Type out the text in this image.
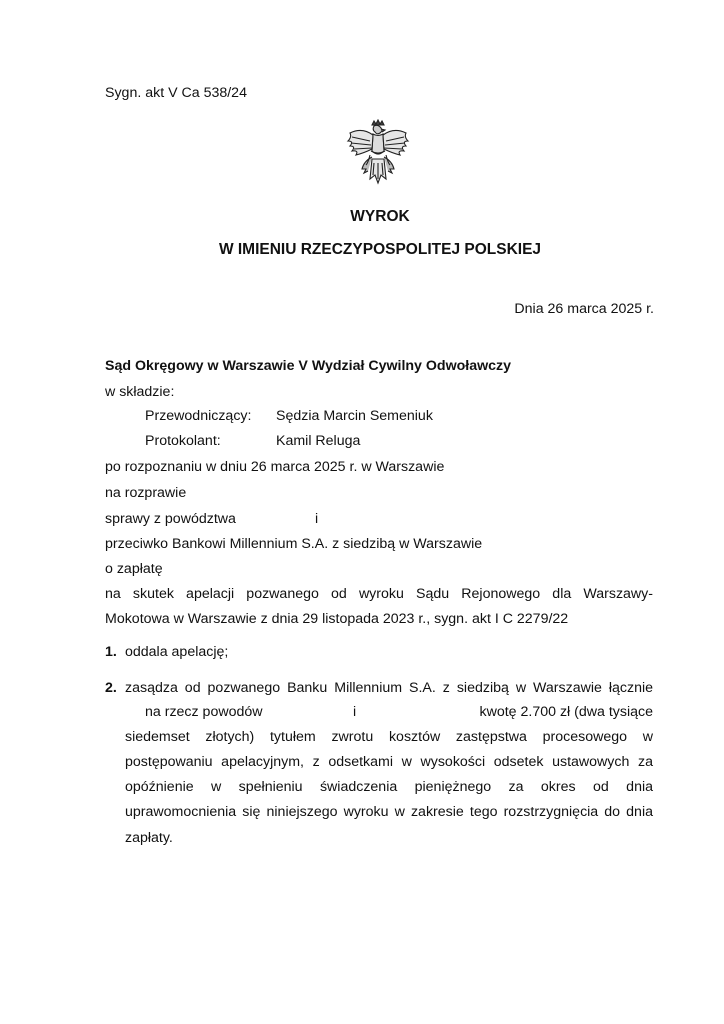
Sygn. akt V Ca 538/24
WYROK
W IMIENIU RZECZYPOSPOLITEJ POLSKIEJ
Dnia 26 marca 2025 r.
Sąd Okręgowy w Warszawie V Wydział Cywilny Odwoławczy
w składzie:
Przewodniczący: Sędzia Marcin Semeniuk
Protokolant:	Kamil Reluga
po rozpoznaniu w dniu 26 marca 2025 r. w Warszawie
na rozprawie
sprawy z powództwa	i
przeciwko Bankowi Millennium S.A. z siedzibą w Warszawie
o zapłatę
na skutek apelacji pozwanego od wyroku Sądu Rejonowego dla Warszawy-
Mokotowa w Warszawie z dnia 29 listopada 2023 r., sygn. akt I C 2279/22
1. oddala apelację;
2. zasądza od pozwanego Banku Millennium S.A. z siedzibą w Warszawie łącznie
na rzecz powodów	i	kwotę 2.700 zł (dwa tysiące
siedemset złotych) tytułem zwrotu kosztów zastępstwa procesowego w
postępowaniu apelacyjnym, z odsetkami w wysokości odsetek ustawowych za
opóźnienie w spełnieniu świadczenia pieniężnego za okres od dnia
uprawomocnienia się niniejszego wyroku w zakresie tego rozstrzygnięcia do dnia
zapłaty.
